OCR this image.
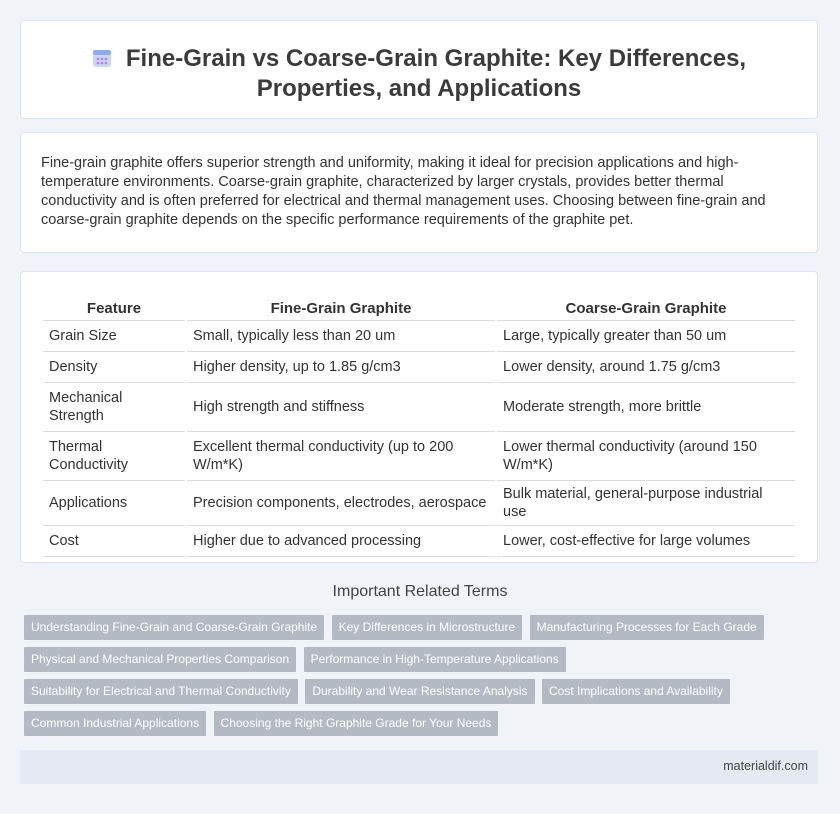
Fine-Grain vs Coarse-Grain Graphite: Key Differences, Properties, and Applications

Fine-grain graphite offers superior strength and uniformity, making it ideal for precision applications and high-temperature environments. Coarse-grain graphite, characterized by larger crystals, provides better thermal conductivity and is often preferred for electrical and thermal management uses. Choosing between fine-grain and coarse-grain graphite depends on the specific performance requirements of the graphite pet.

Feature	Fine-Grain Graphite	Coarse-Grain Graphite
Grain Size	Small, typically less than 20 um	Large, typically greater than 50 um
Density	Higher density, up to 1.85 g/cm3	Lower density, around 1.75 g/cm3
Mechanical Strength	High strength and stiffness	Moderate strength, more brittle
Thermal Conductivity	Excellent thermal conductivity (up to 200 W/m*K)	Lower thermal conductivity (around 150 W/m*K)
Applications	Precision components, electrodes, aerospace	Bulk material, general-purpose industrial use
Cost	Higher due to advanced processing	Lower, cost-effective for large volumes
Important Related Terms
Understanding Fine-Grain and Coarse-Grain Graphite Key Differences in Microstructure Manufacturing Processes for Each Grade
Physical and Mechanical Properties Comparison Performance in High-Temperature Applications
Suitability for Electrical and Thermal Conductivity Durability and Wear Resistance Analysis Cost Implications and Availability
Common Industrial Applications Choosing the Right Graphite Grade for Your Needs
materialdif.com
